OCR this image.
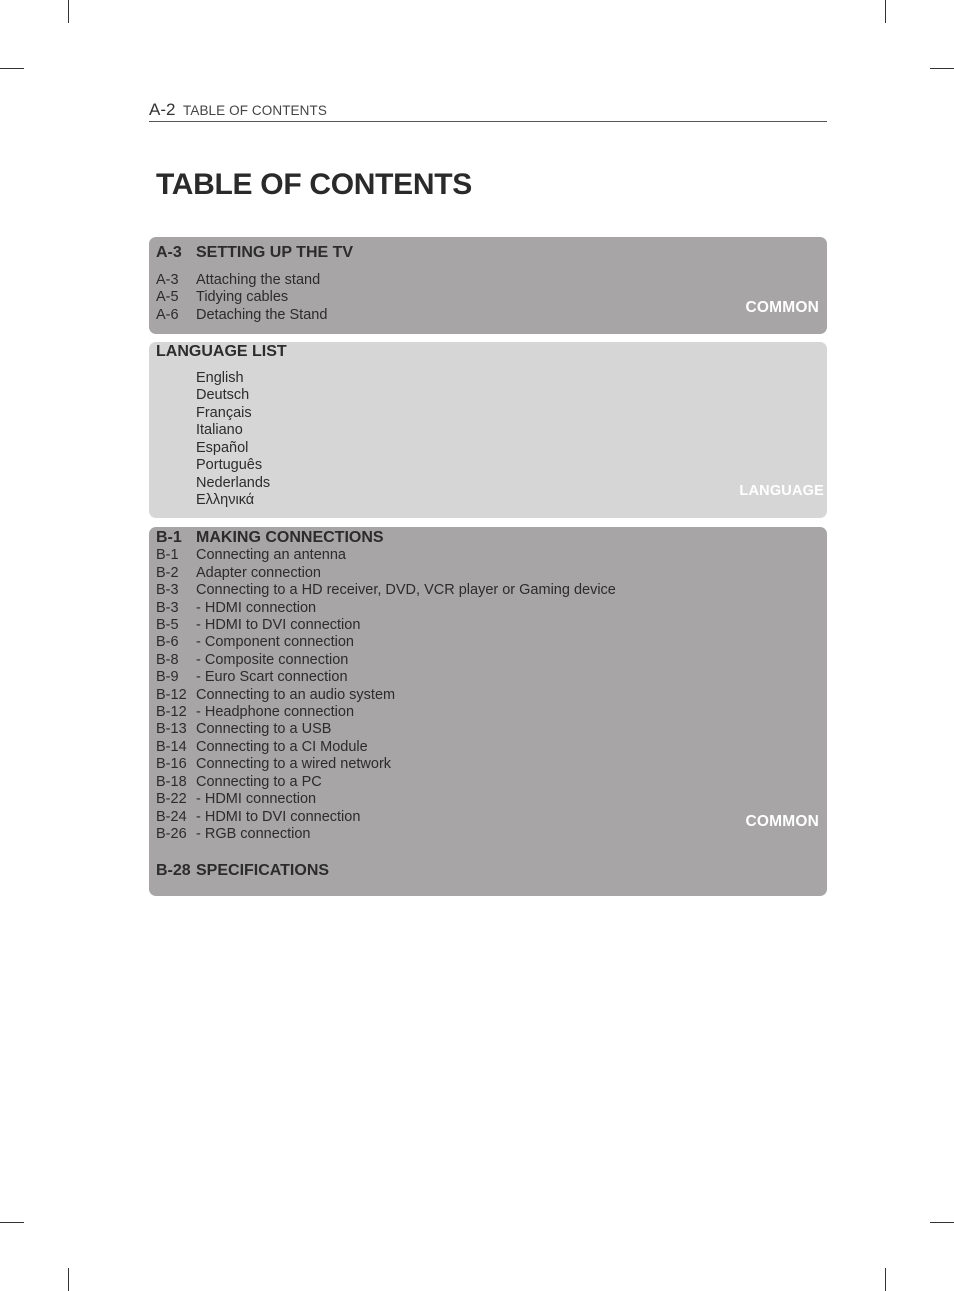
A-2 TABLE OF CONTENTS
TABLE OF CONTENTS
A-3 SETTING UP THE TV
A-3 Attaching the stand
A-5 Tidying cables
A-6 Detaching the Stand	COMMON
LANGUAGE LIST
English
Deutsch
Français
Italiano
Español
Português
Nederlands
Ελληνικά
LANGUAGE
B-1 MAKING CONNECTIONS
B-1 Connecting an antenna
B-2 Adapter connection
B-3 Connecting to a HD receiver, DVD, VCR player or Gaming device
B-3 - HDMI connection
B-5 - HDMI to DVI connection
B-6 - Component connection
B-8 - Composite connection
B-9 - Euro Scart connection
B-12 Connecting to an audio system
B-12 - Headphone connection
B-13 Connecting to a USB
B-14 Connecting to a CI Module
B-16 Connecting to a wired network
B-18 Connecting to a PC
B-22 - HDMI connection
B-24 - HDMI to DVI connection
B-26 - RGB connection
B-28 SPECIFICATIONS
COMMON
